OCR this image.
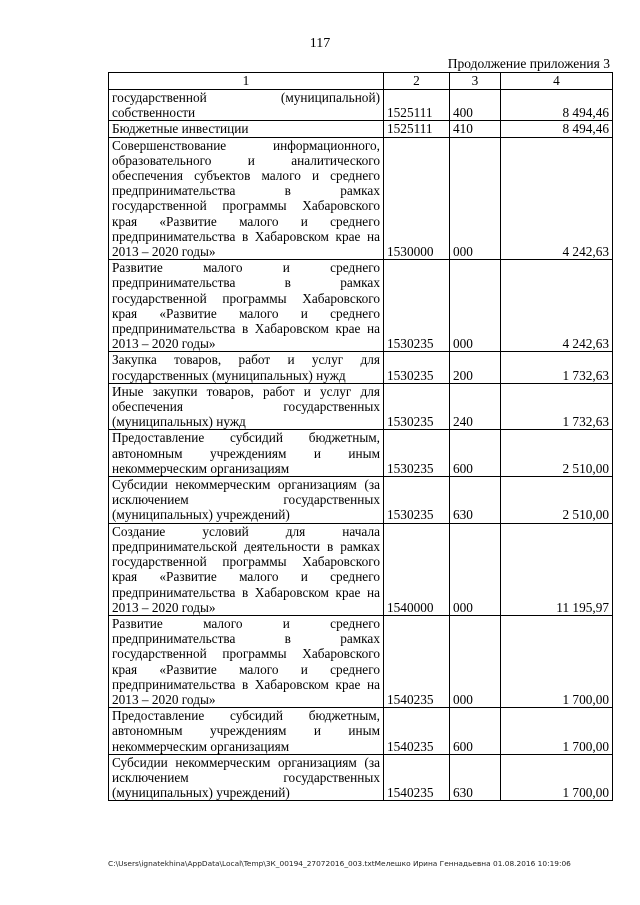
117
Продолжение приложения 3
1	2	3	4
государственной (муниципальной) собственности	1525111	400	8 494,46
Бюджетные инвестиции	1525111	410	8 494,46
Совершенствование информационного, образовательного и аналитического обеспечения субъектов малого и среднего предпринимательства в рамках государственной программы Хабаровского края «Развитие малого и среднего предпринимательства в Хабаровском крае на 2013 – 2020 годы»	1530000	000	4 242,63
Развитие малого и среднего предпринимательства в рамках государственной программы Хабаровского края «Развитие малого и среднего предпринимательства в Хабаровском крае на 2013 – 2020 годы»	1530235	000	4 242,63
Закупка товаров, работ и услуг для государственных (муниципальных) нужд	1530235	200	1 732,63
Иные закупки товаров, работ и услуг для обеспечения государственных (муниципальных) нужд	1530235	240	1 732,63
Предоставление субсидий бюджетным, автономным учреждениям и иным некоммерческим организациям	1530235	600	2 510,00
Субсидии некоммерческим организациям (за исключением государственных (муниципальных) учреждений)	1530235	630	2 510,00
Создание условий для начала предпринимательской деятельности в рамках государственной программы Хабаровского края «Развитие малого и среднего предпринимательства в Хабаровском крае на 2013 – 2020 годы»	1540000	000	11 195,97
Развитие малого и среднего предпринимательства в рамках государственной программы Хабаровского края «Развитие малого и среднего предпринимательства в Хабаровском крае на 2013 – 2020 годы»	1540235	000	1 700,00
Предоставление субсидий бюджетным, автономным учреждениям и иным некоммерческим организациям	1540235	600	1 700,00
Субсидии некоммерческим организациям (за исключением государственных (муниципальных) учреждений)	1540235	630	1 700,00
C:\Users\ignatekhina\AppData\Local\Temp\3К_00194_27072016_003.txtМелешко Ирина Геннадьевна 01.08.2016 10:19:06
